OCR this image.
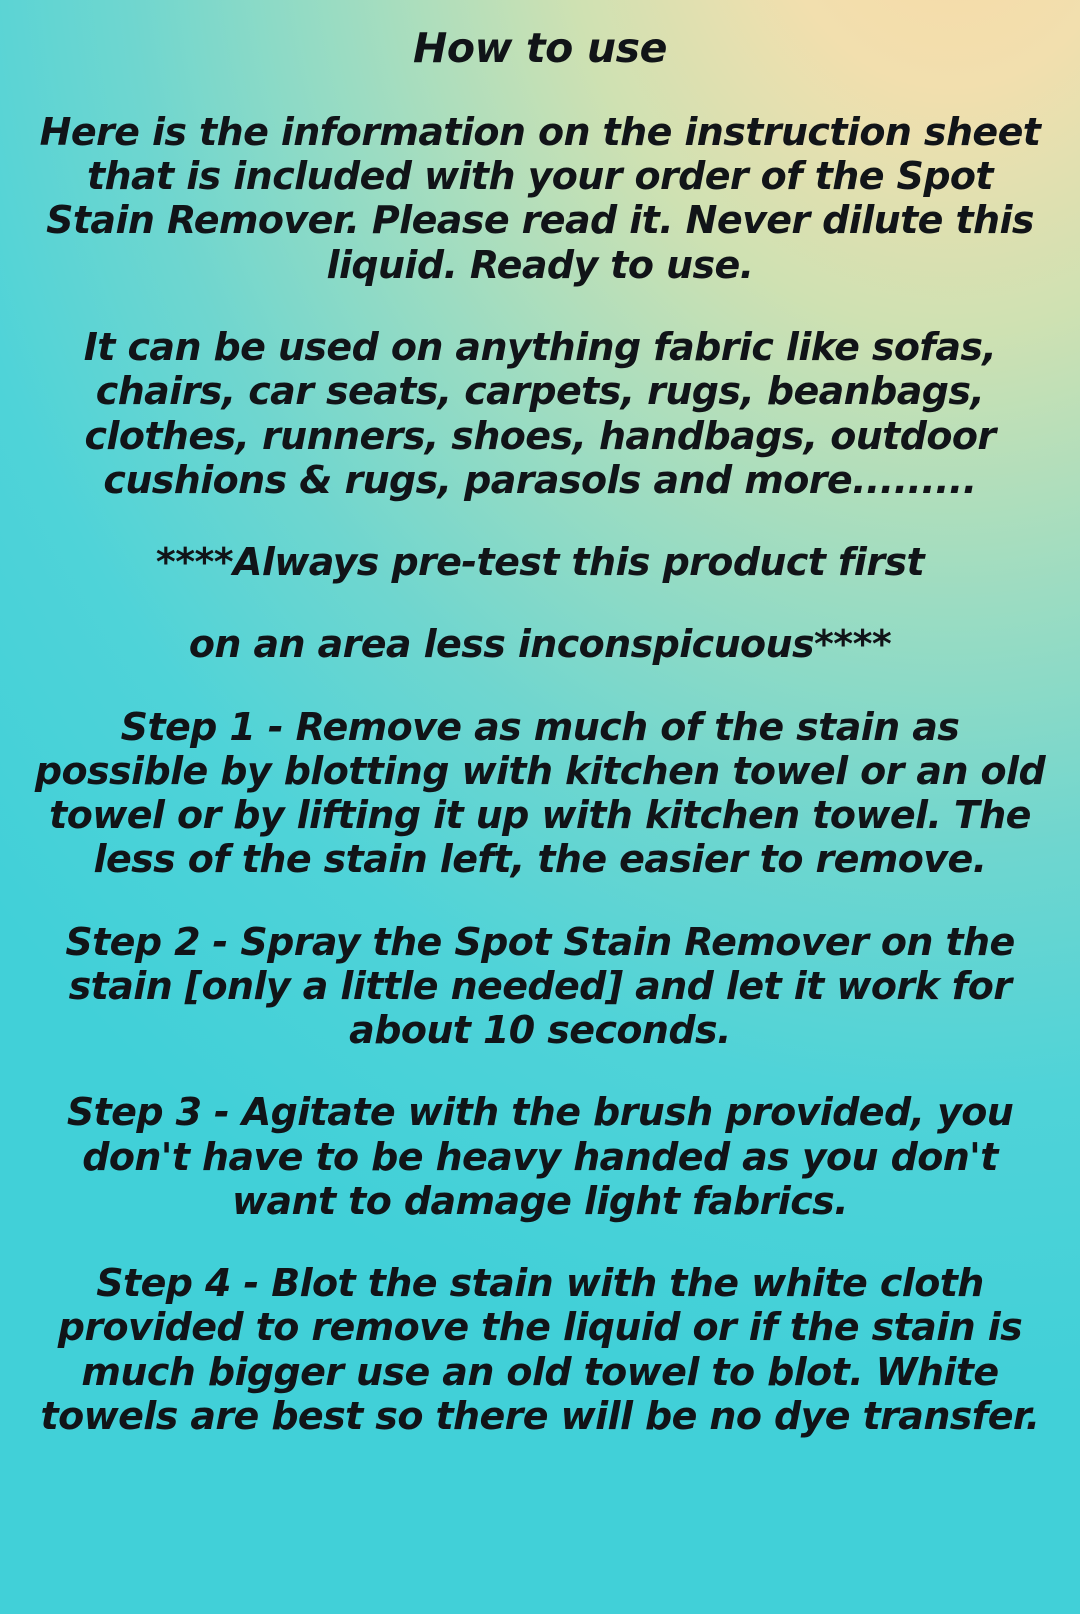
How to use

Here is the information on the instruction sheet that is included with your order of the Spot Stain Remover. Please read it. Never dilute this liquid. Ready to use.

It can be used on anything fabric like sofas, chairs, car seats, carpets, rugs, beanbags, clothes, runners, shoes, handbags, outdoor cushions & rugs, parasols and more.........

****Always pre-test this product first

on an area less inconspicuous****

Step 1 - Remove as much of the stain as possible by blotting with kitchen towel or an old towel or by lifting it up with kitchen towel. The less of the stain left, the easier to remove.

Step 2 - Spray the Spot Stain Remover on the stain [only a little needed] and let it work for about 10 seconds.

Step 3 - Agitate with the brush provided, you don't have to be heavy handed as you don't want to damage light fabrics.

Step 4 - Blot the stain with the white cloth provided to remove the liquid or if the stain is much bigger use an old towel to blot. White towels are best so there will be no dye transfer.
